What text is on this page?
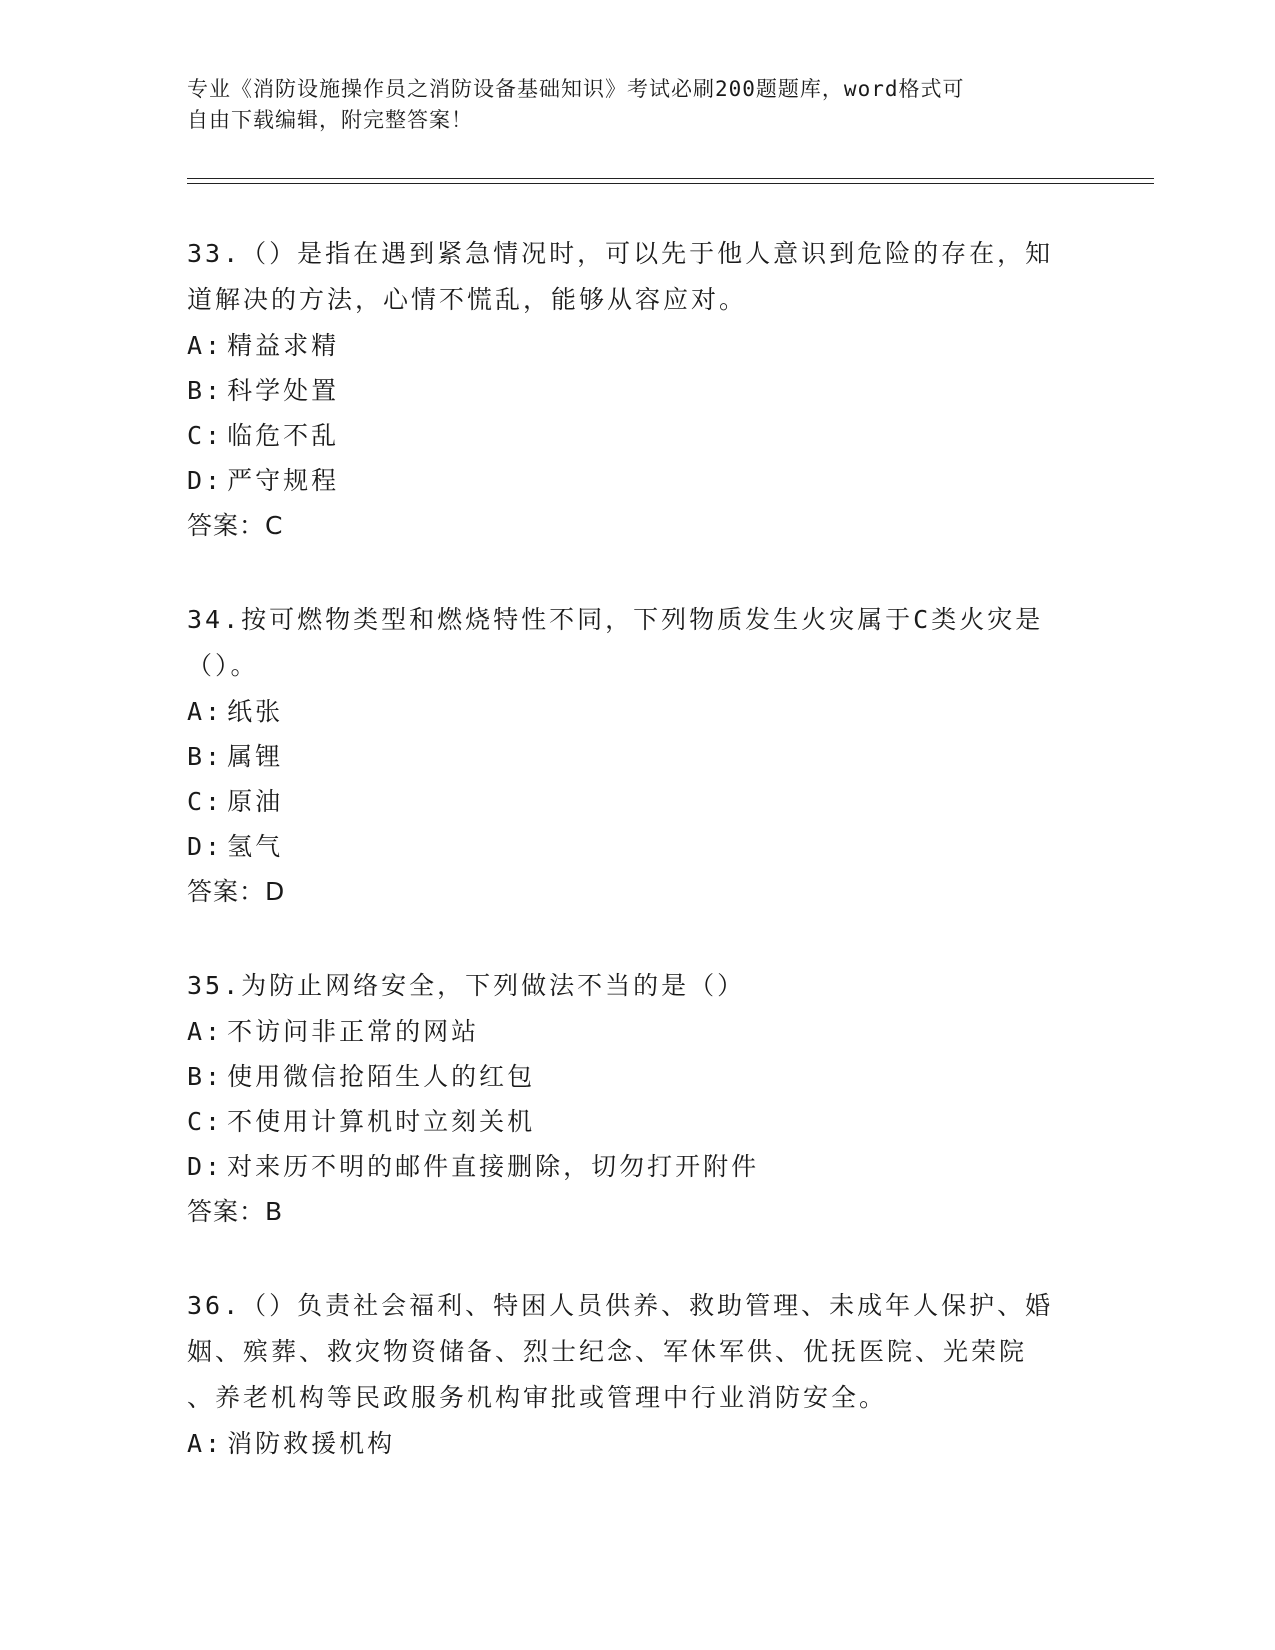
专业《消防设施操作员之消防设备基础知识》考试必刷200题题库，word格式可
自由下载编辑，附完整答案！
33.（）是指在遇到紧急情况时，可以先于他人意识到危险的存在，知
道解决的方法，心情不慌乱，能够从容应对。
A: 精益求精
B: 科学处置
C: 临危不乱
D: 严守规程
答案：C
34.按可燃物类型和燃烧特性不同，下列物质发生火灾属于C类火灾是
（）。
A: 纸张
B: 属锂
C: 原油
D: 氢气
答案：D
35.为防止网络安全，下列做法不当的是（）
A: 不访问非正常的网站
B: 使用微信抢陌生人的红包
C: 不使用计算机时立刻关机
D: 对来历不明的邮件直接删除，切勿打开附件
答案：B
36.（）负责社会福利、特困人员供养、救助管理、未成年人保护、婚
姻、殡葬、救灾物资储备、烈士纪念、军休军供、优抚医院、光荣院
、养老机构等民政服务机构审批或管理中行业消防安全。
A: 消防救援机构
